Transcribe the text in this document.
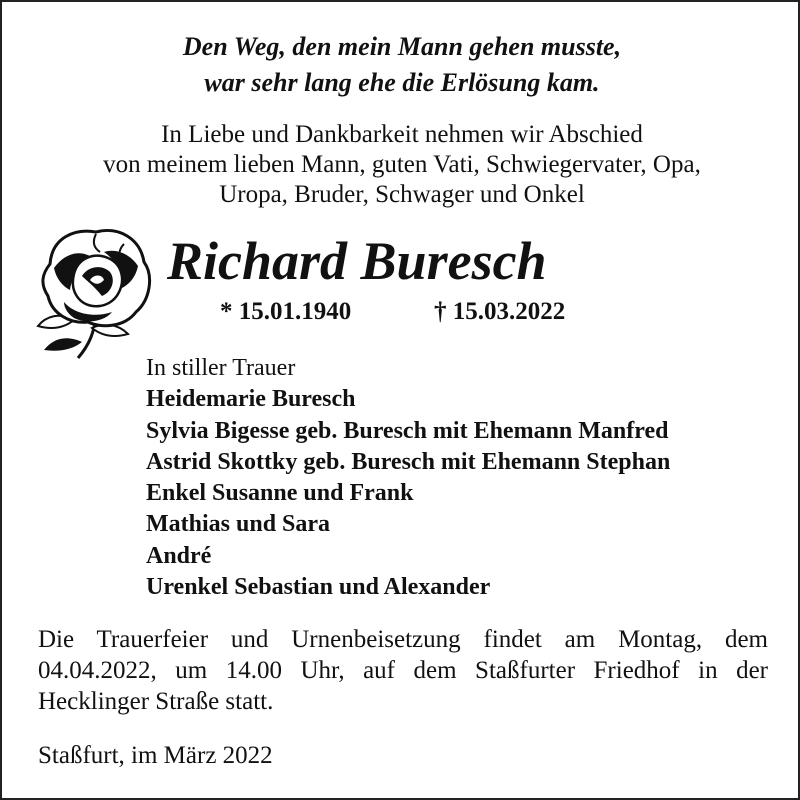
Den Weg, den mein Mann gehen musste,
war sehr lang ehe die Erlösung kam.
In Liebe und Dankbarkeit nehmen wir Abschied
von meinem lieben Mann, guten Vati, Schwiegervater, Opa,
Uropa, Bruder, Schwager und Onkel
Richard Buresch
* 15.01.1940	† 15.03.2022
In stiller Trauer
Heidemarie Buresch
Sylvia Bigesse geb. Buresch mit Ehemann Manfred
Astrid Skottky geb. Buresch mit Ehemann Stephan
Enkel Susanne und Frank
Mathias und Sara
André
Urenkel Sebastian und Alexander
Die Trauerfeier und Urnenbeisetzung findet am Montag, dem 04.04.2022, um 14.00 Uhr, auf dem Staßfurter Friedhof in der Hecklinger Straße statt.
Staßfurt, im März 2022
